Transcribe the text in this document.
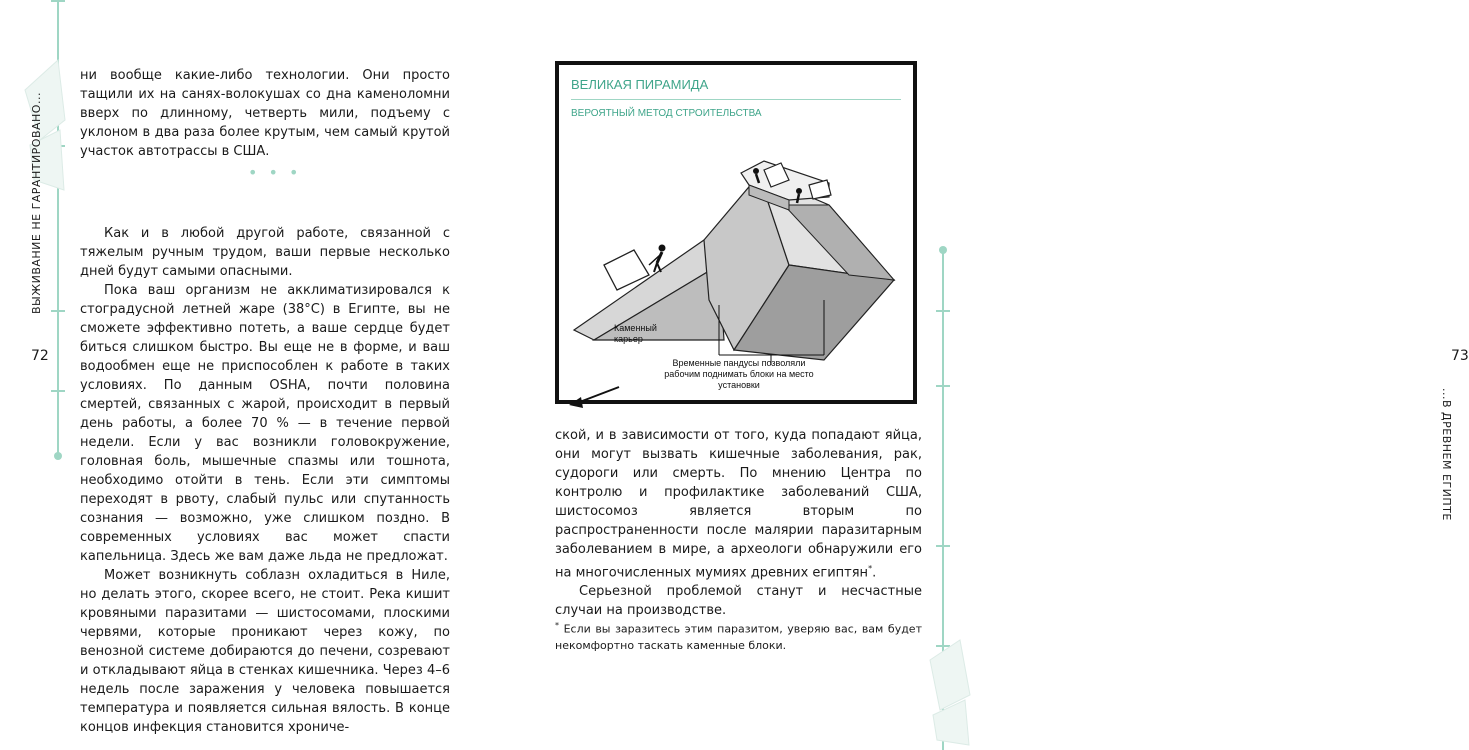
ВЫЖИВАНИЕ НЕ ГАРАНТИРОВАНО...
72

ни вообще какие-либо технологии. Они просто тащили их на санях-волокушах со дна каменоломни вверх по длинному, четверть мили, подъему с уклоном в два раза более крутым, чем самый крутой участок автотрассы в США.

Как и в любой другой работе, связанной с тяжелым ручным трудом, ваши первые несколько дней будут самыми опасными.

Пока ваш организм не акклиматизировался к стоградусной летней жаре (38°C) в Египте, вы не сможете эффективно потеть, а ваше сердце будет биться слишком быстро. Вы еще не в форме, и ваш водообмен еще не приспособлен к работе в таких условиях. По данным OSHA, почти половина смертей, связанных с жарой, происходит в первый день работы, а более 70 % — в течение первой недели. Если у вас возникли головокружение, головная боль, мышечные спазмы или тошнота, необходимо отойти в тень. Если эти симптомы переходят в рвоту, слабый пульс или спутанность сознания — возможно, уже слишком поздно. В современных условиях вас может спасти капельница. Здесь же вам даже льда не предложат.

Может возникнуть соблазн охладиться в Ниле, но делать этого, скорее всего, не стоит. Река кишит кровяными паразитами — шистосомами, плоскими червями, которые проникают через кожу, по венозной системе добираются до печени, созревают и откладывают яйца в стенках кишечника. Через 4–6 недель после заражения у человека повышается температура и появляется сильная вялость. В конце концов инфекция становится хрониче-

• • •
...В ДРЕВНЕМ ЕГИПТЕ
73
ВЕЛИКАЯ ПИРАМИДА
ВЕРОЯТНЫЙ МЕТОД СТРОИТЕЛЬСТВА
Каменный карьер
Временные пандусы позволяли рабочим поднимать блоки на место установки

ской, и в зависимости от того, куда попадают яйца, они могут вызвать кишечные заболевания, рак, судороги или смерть. По мнению Центра по контролю и профилактике заболеваний США, шистосомоз является вторым по распространенности после малярии паразитарным заболеванием в мире, а археологи обнаружили его на многочисленных мумиях древних египтян*.

Серьезной проблемой станут и несчастные случаи на производстве.

* Если вы заразитесь этим паразитом, уверяю вас, вам будет некомфортно таскать каменные блоки.
